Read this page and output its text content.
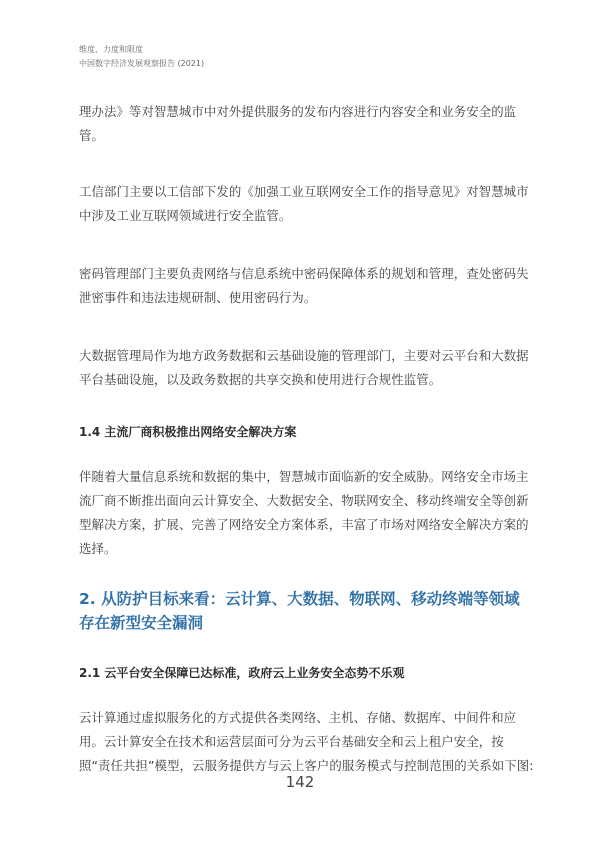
维度、力度和限度
中国数字经济发展观察报告 (2021)

理办法》等对智慧城市中对外提供服务的发布内容进行内容安全和业务安全的监管。

工信部门主要以工信部下发的《加强工业互联网安全工作的指导意见》对智慧城市中涉及工业互联网领域进行安全监管。

密码管理部门主要负责网络与信息系统中密码保障体系的规划和管理，查处密码失泄密事件和违法违规研制、使用密码行为。

大数据管理局作为地方政务数据和云基础设施的管理部门，主要对云平台和大数据平台基础设施，以及政务数据的共享交换和使用进行合规性监管。

1.4 主流厂商积极推出网络安全解决方案

伴随着大量信息系统和数据的集中，智慧城市面临新的安全威胁。网络安全市场主流厂商不断推出面向云计算安全、大数据安全、物联网安全、移动终端安全等创新型解决方案，扩展、完善了网络安全方案体系，丰富了市场对网络安全解决方案的选择。

2. 从防护目标来看：云计算、大数据、物联网、移动终端等领域存在新型安全漏洞

2.1 云平台安全保障已达标准，政府云上业务安全态势不乐观

云计算通过虚拟服务化的方式提供各类网络、主机、存储、数据库、中间件和应用。云计算安全在技术和运营层面可分为云平台基础安全和云上租户安全，按照“责任共担”模型，云服务提供方与云上客户的服务模式与控制范围的关系如下图:

142
